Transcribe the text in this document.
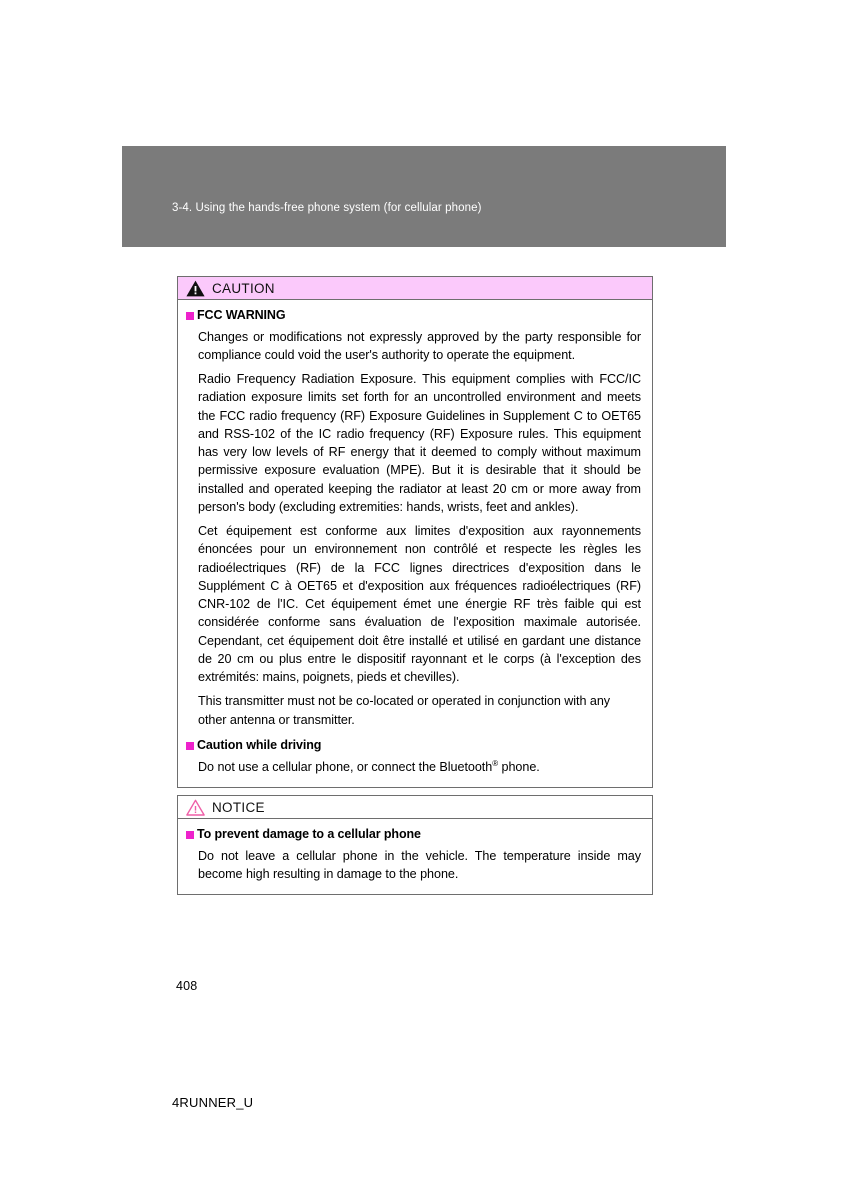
3-4. Using the hands-free phone system (for cellular phone)
CAUTION
FCC WARNING

Changes or modifications not expressly approved by the party responsible for compliance could void the user's authority to operate the equipment.

Radio Frequency Radiation Exposure. This equipment complies with FCC/IC radiation exposure limits set forth for an uncontrolled environment and meets the FCC radio frequency (RF) Exposure Guidelines in Supplement C to OET65 and RSS-102 of the IC radio frequency (RF) Exposure rules. This equipment has very low levels of RF energy that it deemed to comply without maximum permissive exposure evaluation (MPE). But it is desirable that it should be installed and operated keeping the radiator at least 20 cm or more away from person's body (excluding extremities: hands, wrists, feet and ankles).

Cet équipement est conforme aux limites d'exposition aux rayonnements énoncées pour un environnement non contrôlé et respecte les règles les radioélectriques (RF) de la FCC lignes directrices d'exposition dans le Supplément C à OET65 et d'exposition aux fréquences radioélectriques (RF) CNR-102 de l'IC. Cet équipement émet une énergie RF très faible qui est considérée conforme sans évaluation de l'exposition maximale autorisée. Cependant, cet équipement doit être installé et utilisé en gardant une distance de 20 cm ou plus entre le dispositif rayonnant et le corps (à l'exception des extrémités: mains, poignets, pieds et chevilles).

This transmitter must not be co-located or operated in conjunction with any other antenna or transmitter.

Caution while driving

Do not use a cellular phone, or connect the Bluetooth® phone.

NOTICE
To prevent damage to a cellular phone

Do not leave a cellular phone in the vehicle. The temperature inside may become high resulting in damage to the phone.

408
4RUNNER_U
